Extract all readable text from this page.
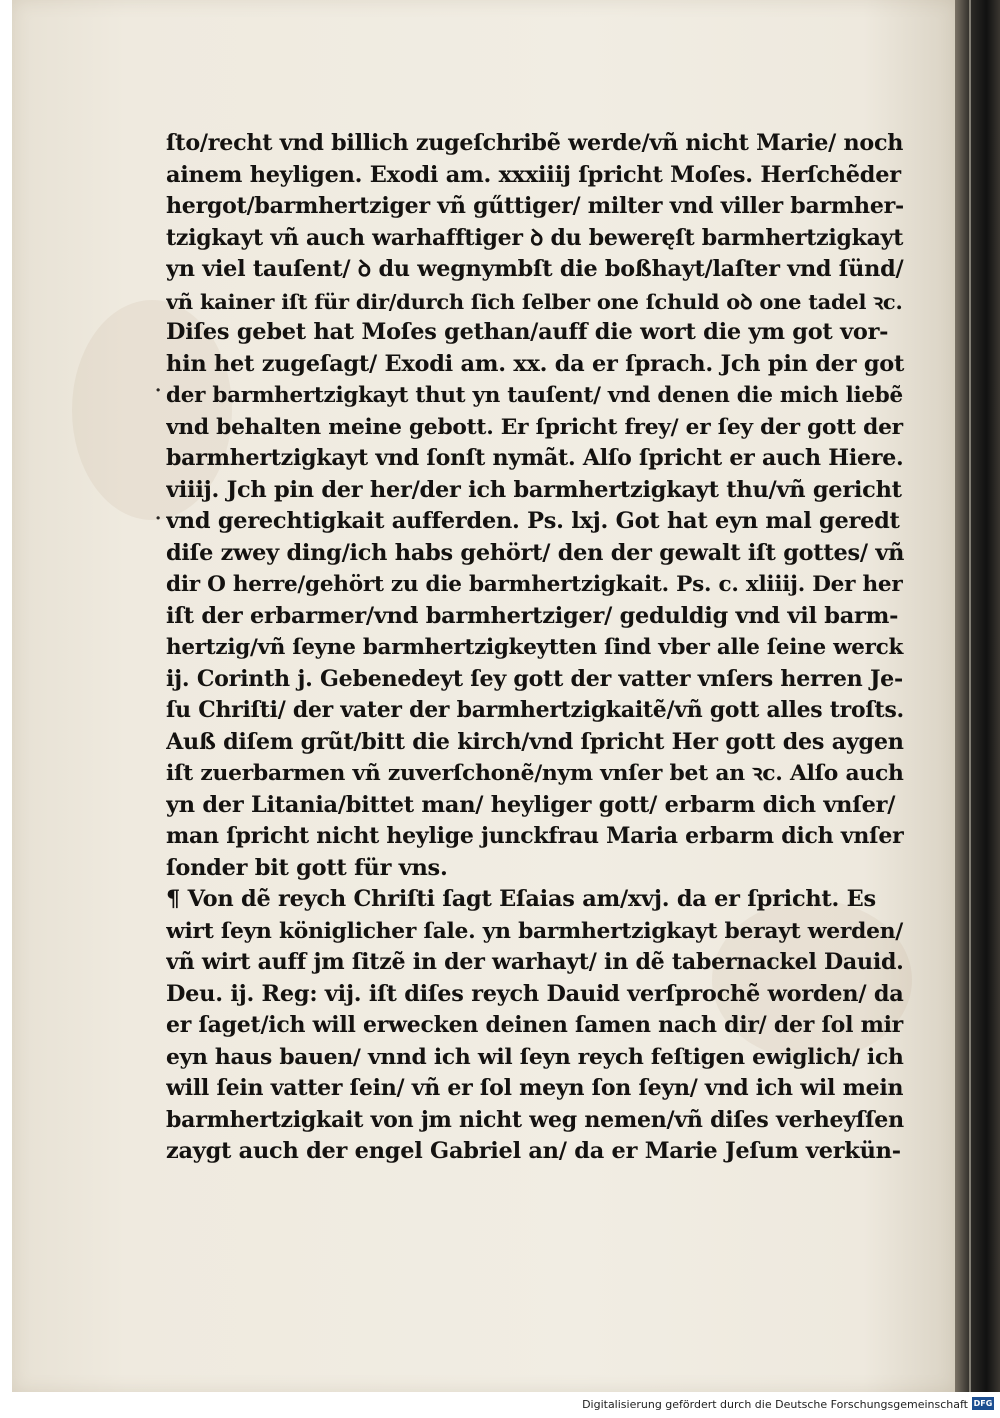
·
·
ſto/recht vnd billich zugeſchribẽ werde/vñ nicht Marie/ noch
ainem heyligen. Exodi am. xxxiiij ſpricht Moſes. Herſchẽder
hergot/barmhertziger vñ gűttiger/ milter vnd viller barmher-
tzigkayt vñ auch warhafftiger ꝺ du beweręſt barmhertzigkayt
yn viel tauſent/ ꝺ du wegnymbſt die boßhayt/laſter vnd ſünd/
vñ kainer iſt für dir/durch ſich ſelber one ſchuld oꝺ one tadel ꝛc.
Diſes gebet hat Moſes gethan/auff die wort die ym got vor-
hin het zugeſagt/ Exodi am. xx. da er ſprach. Jch pin der got
der barmhertzigkayt thut yn tauſent/ vnd denen die mich liebẽ
vnd behalten meine gebott. Er ſpricht frey/ er ſey der gott der
barmhertzigkayt vnd ſonſt nymãt. Alſo ſpricht er auch Hiere.
viiij. Jch pin der her/der ich barmhertzigkayt thu/vñ gericht
vnd gerechtigkait aufferden. Ps. lxj. Got hat eyn mal geredt
diſe zwey ding/ich habs gehört/ den der gewalt iſt gottes/ vñ
dir O herre/gehört zu die barmhertzigkait. Ps. c. xliiij. Der her
iſt der erbarmer/vnd barmhertziger/ geduldig vnd vil barm-
hertzig/vñ ſeyne barmhertzigkeytten ſind vber alle ſeine werck
ij. Corinth j. Gebenedeyt ſey gott der vatter vnſers herren Je-
ſu Chriſti/ der vater der barmhertzigkaitẽ/vñ gott alles troſts.
Auß diſem grũt/bitt die kirch/vnd ſpricht Her gott des aygen
iſt zuerbarmen vñ zuverſchonẽ/nym vnſer bet an ꝛc. Alſo auch
yn der Litania/bittet man/ heyliger gott/ erbarm dich vnſer/
man ſpricht nicht heylige junckfrau Maria erbarm dich vnſer
ſonder bit gott für vns.
¶ Von dẽ reych Chriſti ſagt Eſaias am/xvj. da er ſpricht. Es
wirt ſeyn königlicher ſale. yn barmhertzigkayt berayt werden/
vñ wirt auff jm ſitzẽ in der warhayt/ in dẽ tabernackel Dauid.
Deu. ij. Reg: vij. iſt diſes reych Dauid verſprochẽ worden/ da
er ſaget/ich will erwecken deinen ſamen nach dir/ der ſol mir
eyn haus bauen/ vnnd ich wil ſeyn reych feſtigen ewiglich/ ich
will ſein vatter ſein/ vñ er ſol meyn ſon ſeyn/ vnd ich wil mein
barmhertzigkait von jm nicht weg nemen/vñ diſes verheyſſen
zaygt auch der engel Gabriel an/ da er Marie Jeſum verkün-
Digitalisierung gefördert durch die Deutsche Forschungsgemeinschaft DFG
